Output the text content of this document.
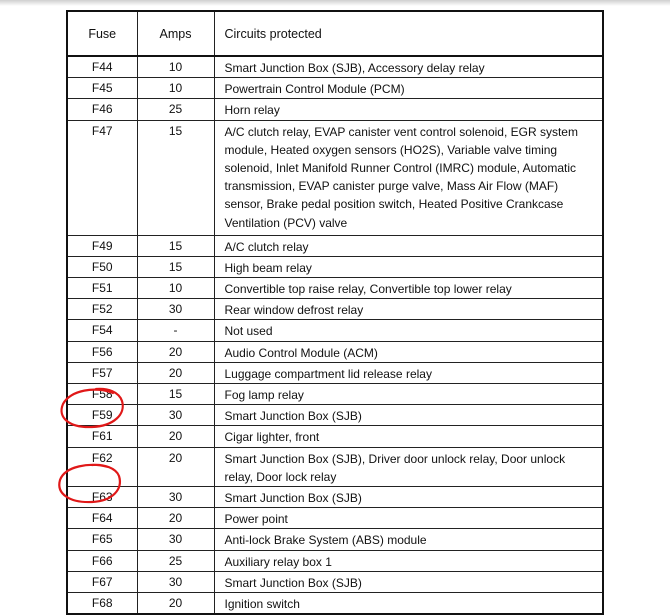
Fuse	Amps	Circuits protected
F44	10	Smart Junction Box (SJB), Accessory delay relay
F45	10	Powertrain Control Module (PCM)
F46	25	Horn relay
F47	15	A/C clutch relay, EVAP canister vent control solenoid, EGR system module, Heated oxygen sensors (HO2S), Variable valve timing solenoid, Inlet Manifold Runner Control (IMRC) module, Automatic transmission, EVAP canister purge valve, Mass Air Flow (MAF) sensor, Brake pedal position switch, Heated Positive Crankcase Ventilation (PCV) valve
F49	15	A/C clutch relay
F50	15	High beam relay
F51	10	Convertible top raise relay, Convertible top lower relay
F52	30	Rear window defrost relay
F54	-	Not used
F56	20	Audio Control Module (ACM)
F57	20	Luggage compartment lid release relay
F58	15	Fog lamp relay
F59	30	Smart Junction Box (SJB)
F61	20	Cigar lighter, front
F62	20	Smart Junction Box (SJB), Driver door unlock relay, Door unlock relay, Door lock relay
F63	30	Smart Junction Box (SJB)
F64	20	Power point
F65	30	Anti-lock Brake System (ABS) module
F66	25	Auxiliary relay box 1
F67	30	Smart Junction Box (SJB)
F68	20	Ignition switch
